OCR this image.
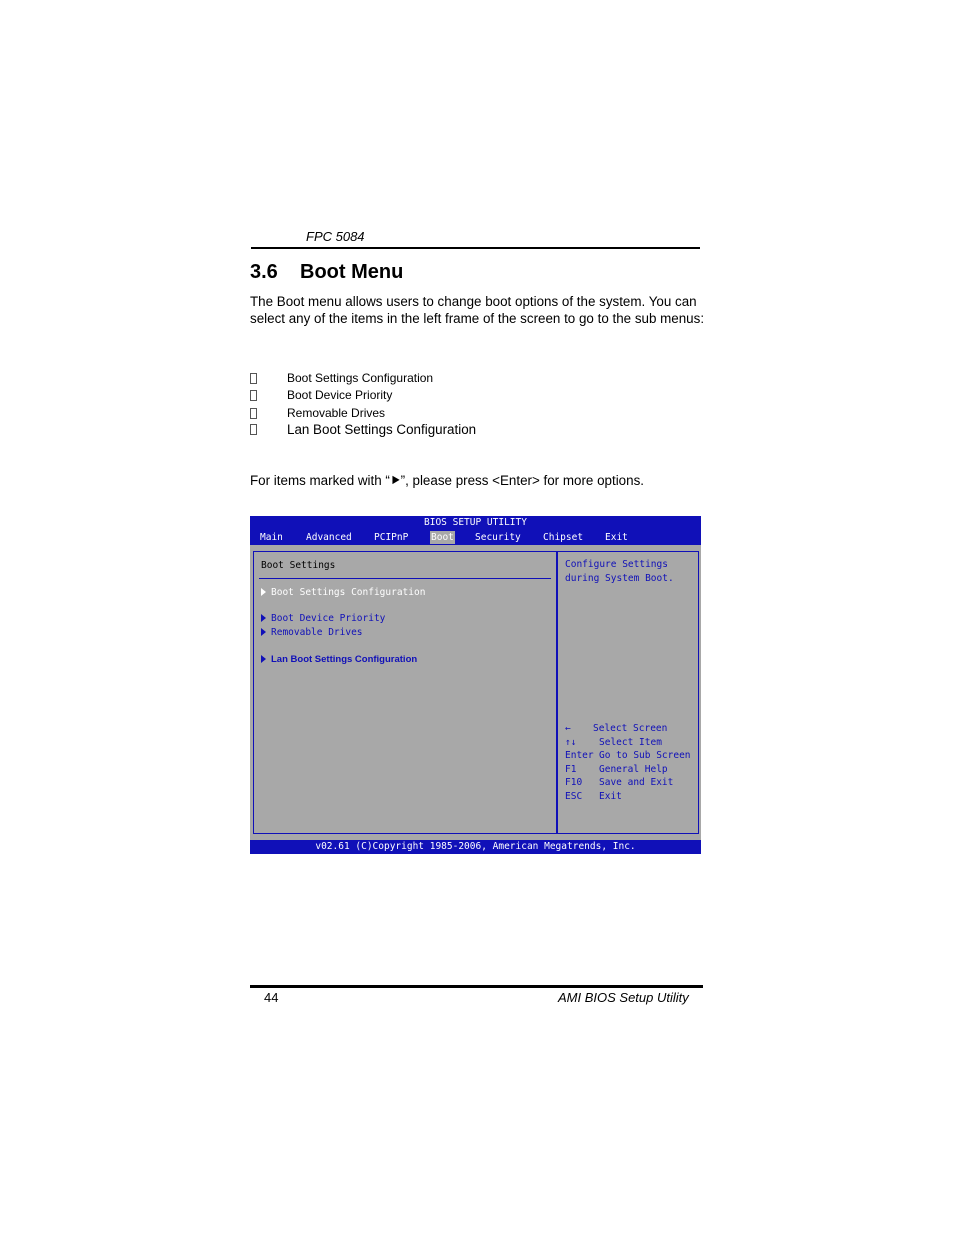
FPC 5084
3.6 Boot Menu
The Boot menu allows users to change boot options of the system. You can select any of the items in the left frame of the screen to go to the sub menus:
Boot Settings Configuration
Boot Device Priority
Removable Drives
Lan Boot Settings Configuration
For items marked with “⯈”, please press <Enter> for more options.
BIOS SETUP UTILITY
Main Advanced PCIPnP Boot Security Chipset Exit
Boot Settings
Boot Settings Configuration
Boot Device Priority
Removable Drives
Lan Boot Settings Configuration
Configure Settings
during System Boot.
← Select Screen
↑↓ Select Item
Enter Go to Sub Screen
F1 General Help
F10 Save and Exit
ESC Exit
v02.61 (C)Copyright 1985-2006, American Megatrends, Inc.
44	AMI BIOS Setup Utility
